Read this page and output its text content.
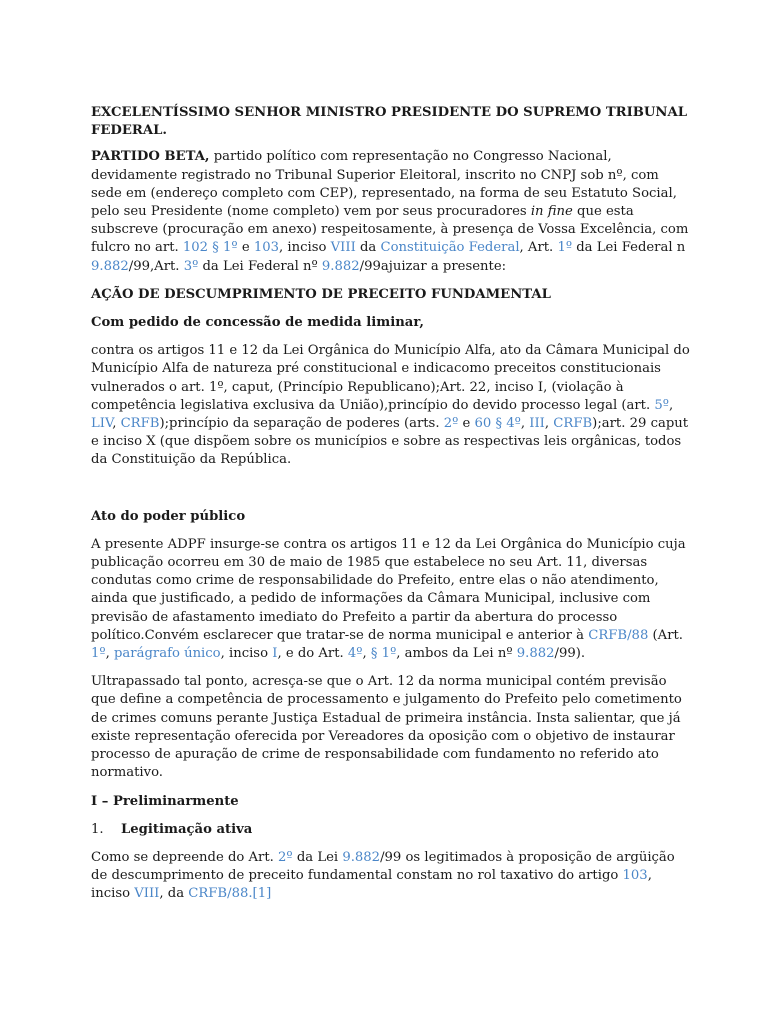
EXCELENTÍSSIMO SENHOR MINISTRO PRESIDENTE DO SUPREMO TRIBUNAL FEDERAL.

PARTIDO BETA, partido político com representação no Congresso Nacional, devidamente registrado no Tribunal Superior Eleitoral, inscrito no CNPJ sob nº, com sede em (endereço completo com CEP), representado, na forma de seu Estatuto Social, pelo seu Presidente (nome completo) vem por seus procuradores in fine que esta subscreve (procuração em anexo) respeitosamente, à presença de Vossa Excelência, com fulcro no art. 102 § 1º e 103, inciso VIII da Constituição Federal, Art. 1º da Lei Federal n 9.882/99,Art. 3º da Lei Federal nº 9.882/99ajuizar a presente:

AÇÃO DE DESCUMPRIMENTO DE PRECEITO FUNDAMENTAL

Com pedido de concessão de medida liminar,

contra os artigos 11 e 12 da Lei Orgânica do Município Alfa, ato da Câmara Municipal do Município Alfa de natureza pré constitucional e indicacomo preceitos constitucionais vulnerados o art. 1º, caput, (Princípio Republicano);Art. 22, inciso I, (violação à competência legislativa exclusiva da União),princípio do devido processo legal (art. 5º, LIV, CRFB);princípio da separação de poderes (arts. 2º e 60 § 4º, III, CRFB);art. 29 caput e inciso X (que dispõem sobre os municípios e sobre as respectivas leis orgânicas, todos da Constituição da República.

Ato do poder público

A presente ADPF insurge-se contra os artigos 11 e 12 da Lei Orgânica do Município cuja publicação ocorreu em 30 de maio de 1985 que estabelece no seu Art. 11, diversas condutas como crime de responsabilidade do Prefeito, entre elas o não atendimento, ainda que justificado, a pedido de informações da Câmara Municipal, inclusive com previsão de afastamento imediato do Prefeito a partir da abertura do processo político.Convém esclarecer que tratar-se de norma municipal e anterior à CRFB/88 (Art. 1º, parágrafo único, inciso I, e do Art. 4º, § 1º, ambos da Lei nº 9.882/99).

Ultrapassado tal ponto, acresça-se que o Art. 12 da norma municipal contém previsão que define a competência de processamento e julgamento do Prefeito pelo cometimento de crimes comuns perante Justiça Estadual de primeira instância. Insta salientar, que já existe representação oferecida por Vereadores da oposição com o objetivo de instaurar processo de apuração de crime de responsabilidade com fundamento no referido ato normativo.

I – Preliminarmente

1.	Legitimação ativa

Como se depreende do Art. 2º da Lei 9.882/99 os legitimados à proposição de argüição de descumprimento de preceito fundamental constam no rol taxativo do artigo 103, inciso VIII, da CRFB/88.[1]
